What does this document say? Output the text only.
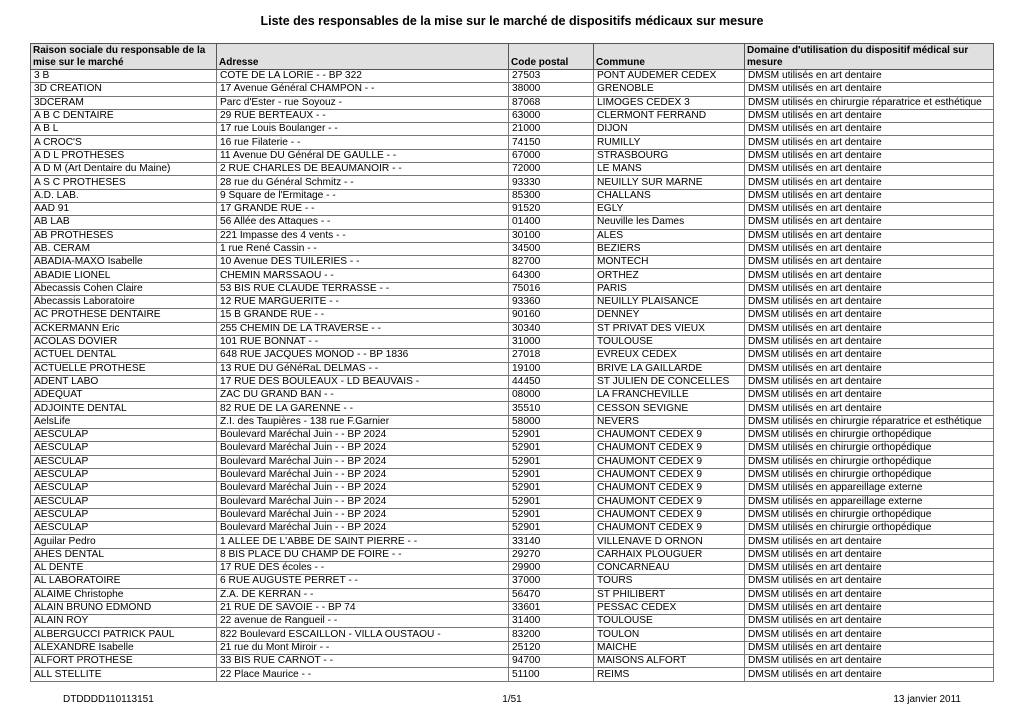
Liste des responsables de la mise sur le marché de dispositifs médicaux sur mesure
Raison sociale du responsable de la mise sur le marché	Adresse	Code postal	Commune	Domaine d'utilisation du dispositif médical sur mesure
3 B	COTE DE LA LORIE - - BP 322	27503	PONT AUDEMER CEDEX	DMSM utilisés en art dentaire
3D CREATION	17 Avenue Général CHAMPON - -	38000	GRENOBLE	DMSM utilisés en art dentaire
3DCERAM	Parc d'Ester - rue Soyouz -	87068	LIMOGES CEDEX 3	DMSM utilisés en chirurgie réparatrice et esthétique
A B C DENTAIRE	29 RUE BERTEAUX - -	63000	CLERMONT FERRAND	DMSM utilisés en art dentaire
A B L	17 rue Louis Boulanger - -	21000	DIJON	DMSM utilisés en art dentaire
A CROC'S	16 rue Filaterie - -	74150	RUMILLY	DMSM utilisés en art dentaire
A D L PROTHESES	11 Avenue DU Général DE GAULLE - -	67000	STRASBOURG	DMSM utilisés en art dentaire
A D M (Art Dentaire du Maine)	2 RUE CHARLES DE BEAUMANOIR - -	72000	LE MANS	DMSM utilisés en art dentaire
A S C PROTHESES	28 rue du Général Schmitz - -	93330	NEUILLY SUR MARNE	DMSM utilisés en art dentaire
A.D. LAB.	9 Square de l'Ermitage - -	85300	CHALLANS	DMSM utilisés en art dentaire
AAD 91	17 GRANDE RUE - -	91520	EGLY	DMSM utilisés en art dentaire
AB LAB	56 Allée des Attaques - -	01400	Neuville les Dames	DMSM utilisés en art dentaire
AB PROTHESES	221 Impasse des 4 vents - -	30100	ALES	DMSM utilisés en art dentaire
AB. CERAM	1 rue René Cassin - -	34500	BEZIERS	DMSM utilisés en art dentaire
ABADIA-MAXO Isabelle	10 Avenue DES TUILERIES - -	82700	MONTECH	DMSM utilisés en art dentaire
ABADIE LIONEL	CHEMIN MARSSAOU - -	64300	ORTHEZ	DMSM utilisés en art dentaire
Abecassis Cohen Claire	53 BIS RUE CLAUDE TERRASSE - -	75016	PARIS	DMSM utilisés en art dentaire
Abecassis Laboratoire	12 RUE MARGUERITE - -	93360	NEUILLY PLAISANCE	DMSM utilisés en art dentaire
AC PROTHESE DENTAIRE	15 B GRANDE RUE - -	90160	DENNEY	DMSM utilisés en art dentaire
ACKERMANN Eric	255 CHEMIN DE LA TRAVERSE - -	30340	ST PRIVAT DES VIEUX	DMSM utilisés en art dentaire
ACOLAS DOVIER	101 RUE BONNAT - -	31000	TOULOUSE	DMSM utilisés en art dentaire
ACTUEL DENTAL	648 RUE JACQUES MONOD - - BP 1836	27018	EVREUX CEDEX	DMSM utilisés en art dentaire
ACTUELLE PROTHESE	13 RUE DU GéNéRaL DELMAS - -	19100	BRIVE LA GAILLARDE	DMSM utilisés en art dentaire
ADENT LABO	17 RUE DES BOULEAUX - LD BEAUVAIS -	44450	ST JULIEN DE CONCELLES	DMSM utilisés en art dentaire
ADEQUAT	ZAC DU GRAND BAN - -	08000	LA FRANCHEVILLE	DMSM utilisés en art dentaire
ADJOINTE DENTAL	82 RUE DE LA GARENNE - -	35510	CESSON SEVIGNE	DMSM utilisés en art dentaire
AelsLife	Z.I. des Taupières - 138 rue F.Garnier	58000	NEVERS	DMSM utilisés en chirurgie réparatrice et esthétique
AESCULAP	Boulevard Maréchal Juin - - BP 2024	52901	CHAUMONT CEDEX 9	DMSM utilisés en chirurgie orthopédique
AESCULAP	Boulevard Maréchal Juin - - BP 2024	52901	CHAUMONT CEDEX 9	DMSM utilisés en chirurgie orthopédique
AESCULAP	Boulevard Maréchal Juin - - BP 2024	52901	CHAUMONT CEDEX 9	DMSM utilisés en chirurgie orthopédique
AESCULAP	Boulevard Maréchal Juin - - BP 2024	52901	CHAUMONT CEDEX 9	DMSM utilisés en chirurgie orthopédique
AESCULAP	Boulevard Maréchal Juin - - BP 2024	52901	CHAUMONT CEDEX 9	DMSM utilisés en appareillage externe
AESCULAP	Boulevard Maréchal Juin - - BP 2024	52901	CHAUMONT CEDEX 9	DMSM utilisés en appareillage externe
AESCULAP	Boulevard Maréchal Juin - - BP 2024	52901	CHAUMONT CEDEX 9	DMSM utilisés en chirurgie orthopédique
AESCULAP	Boulevard Maréchal Juin - - BP 2024	52901	CHAUMONT CEDEX 9	DMSM utilisés en chirurgie orthopédique
Aguilar Pedro	1 ALLEE DE L'ABBE DE SAINT PIERRE - -	33140	VILLENAVE D ORNON	DMSM utilisés en art dentaire
AHES DENTAL	8 BIS PLACE DU CHAMP DE FOIRE - -	29270	CARHAIX PLOUGUER	DMSM utilisés en art dentaire
AL DENTE	17 RUE DES écoles - -	29900	CONCARNEAU	DMSM utilisés en art dentaire
AL LABORATOIRE	6 RUE AUGUSTE PERRET - -	37000	TOURS	DMSM utilisés en art dentaire
ALAIME Christophe	Z.A. DE KERRAN - -	56470	ST PHILIBERT	DMSM utilisés en art dentaire
ALAIN BRUNO EDMOND	21 RUE DE SAVOIE - - BP 74	33601	PESSAC CEDEX	DMSM utilisés en art dentaire
ALAIN ROY	22 avenue de Rangueil - -	31400	TOULOUSE	DMSM utilisés en art dentaire
ALBERGUCCI PATRICK PAUL	822 Boulevard ESCAILLON - VILLA OUSTAOU -	83200	TOULON	DMSM utilisés en art dentaire
ALEXANDRE Isabelle	21 rue du Mont Miroir - -	25120	MAICHE	DMSM utilisés en art dentaire
ALFORT PROTHESE	33 BIS RUE CARNOT - -	94700	MAISONS ALFORT	DMSM utilisés en art dentaire
ALL STELLITE	22 Place Maurice - -	51100	REIMS	DMSM utilisés en art dentaire
DTDDDD110113151	1/51	13 janvier 2011
